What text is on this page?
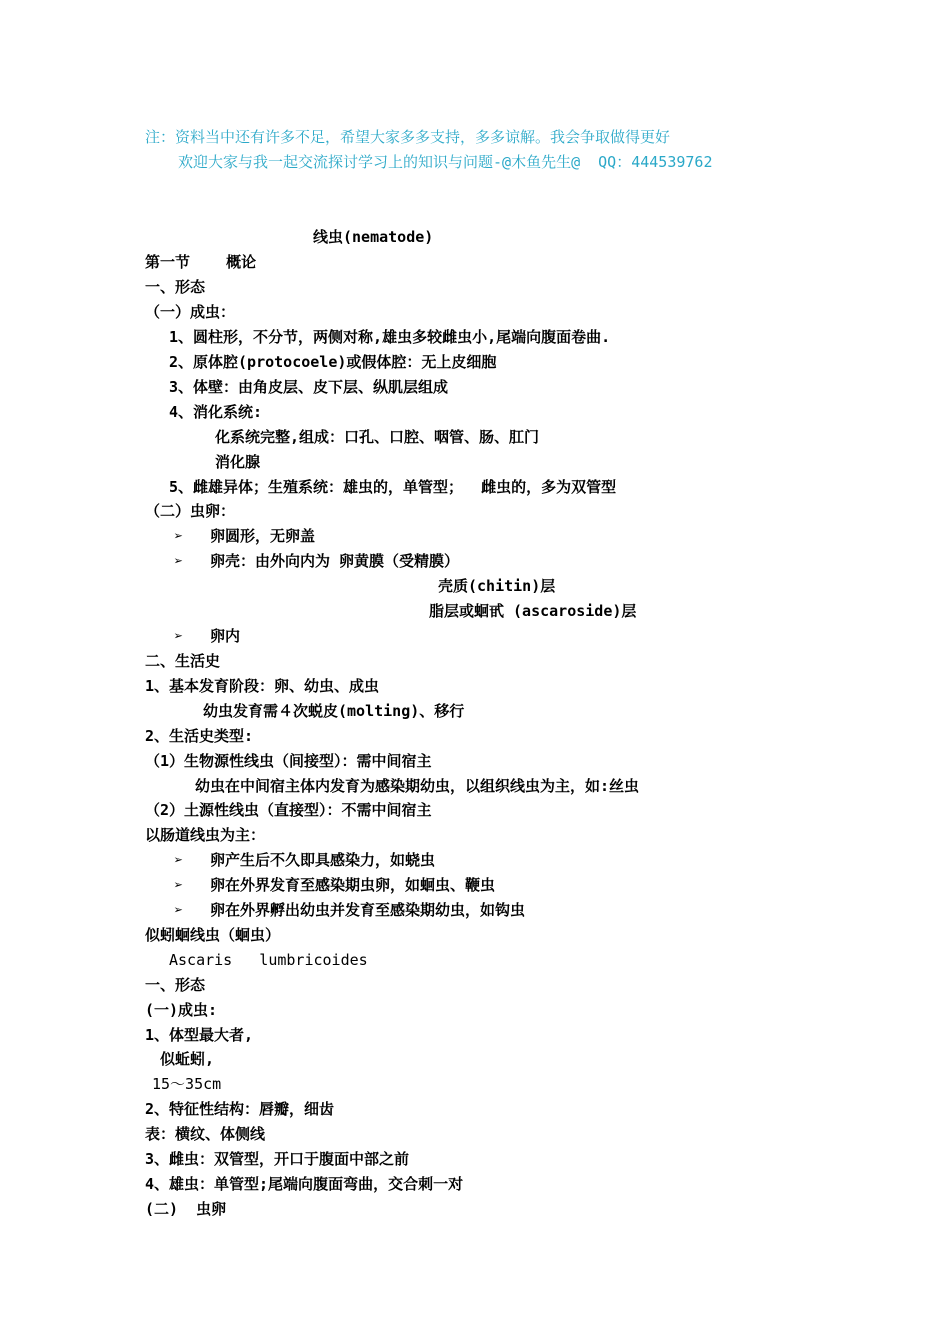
注：资料当中还有许多不足，希望大家多多支持，多多谅解。我会争取做得更好
欢迎大家与我一起交流探讨学习上的知识与问题-@木鱼先生@  QQ：444539762
线虫(nematode)
第一节    概论
一、形态
（一）成虫：
1、圆柱形，不分节，两侧对称,雄虫多较雌虫小,尾端向腹面卷曲.
2、原体腔(protocoele)或假体腔：无上皮细胞
3、体壁：由角皮层、皮下层、纵肌层组成
4、消化系统:
化系统完整,组成：口孔、口腔、咽管、肠、肛门
消化腺
5、雌雄异体；生殖系统：雄虫的，单管型；  雌虫的，多为双管型
（二）虫卵：
➢ 卵圆形，无卵盖
➢ 卵壳：由外向内为 卵黄膜（受精膜）
壳质(chitin)层
脂层或蛔甙 (ascaroside)层
➢ 卵内
二、生活史
1、基本发育阶段：卵、幼虫、成虫
幼虫发育需４次蜕皮(molting)、移行
2、生活史类型:
（1）生物源性线虫（间接型）：需中间宿主
幼虫在中间宿主体内发育为感染期幼虫，以组织线虫为主，如:丝虫
（2）土源性线虫（直接型）：不需中间宿主
以肠道线虫为主：
➢ 卵产生后不久即具感染力，如蛲虫
➢ 卵在外界发育至感染期虫卵，如蛔虫、鞭虫
➢ 卵在外界孵出幼虫并发育至感染期幼虫，如钩虫
似蚓蛔线虫（蛔虫）
Ascaris   lumbricoides
一、形态
(一)成虫:
1、体型最大者,
似蚯蚓,
15～35cm
2、特征性结构：唇瓣，细齿
表：横纹、体侧线
3、雌虫：双管型，开口于腹面中部之前
4、雄虫：单管型;尾端向腹面弯曲，交合刺一对
(二)  虫卵
